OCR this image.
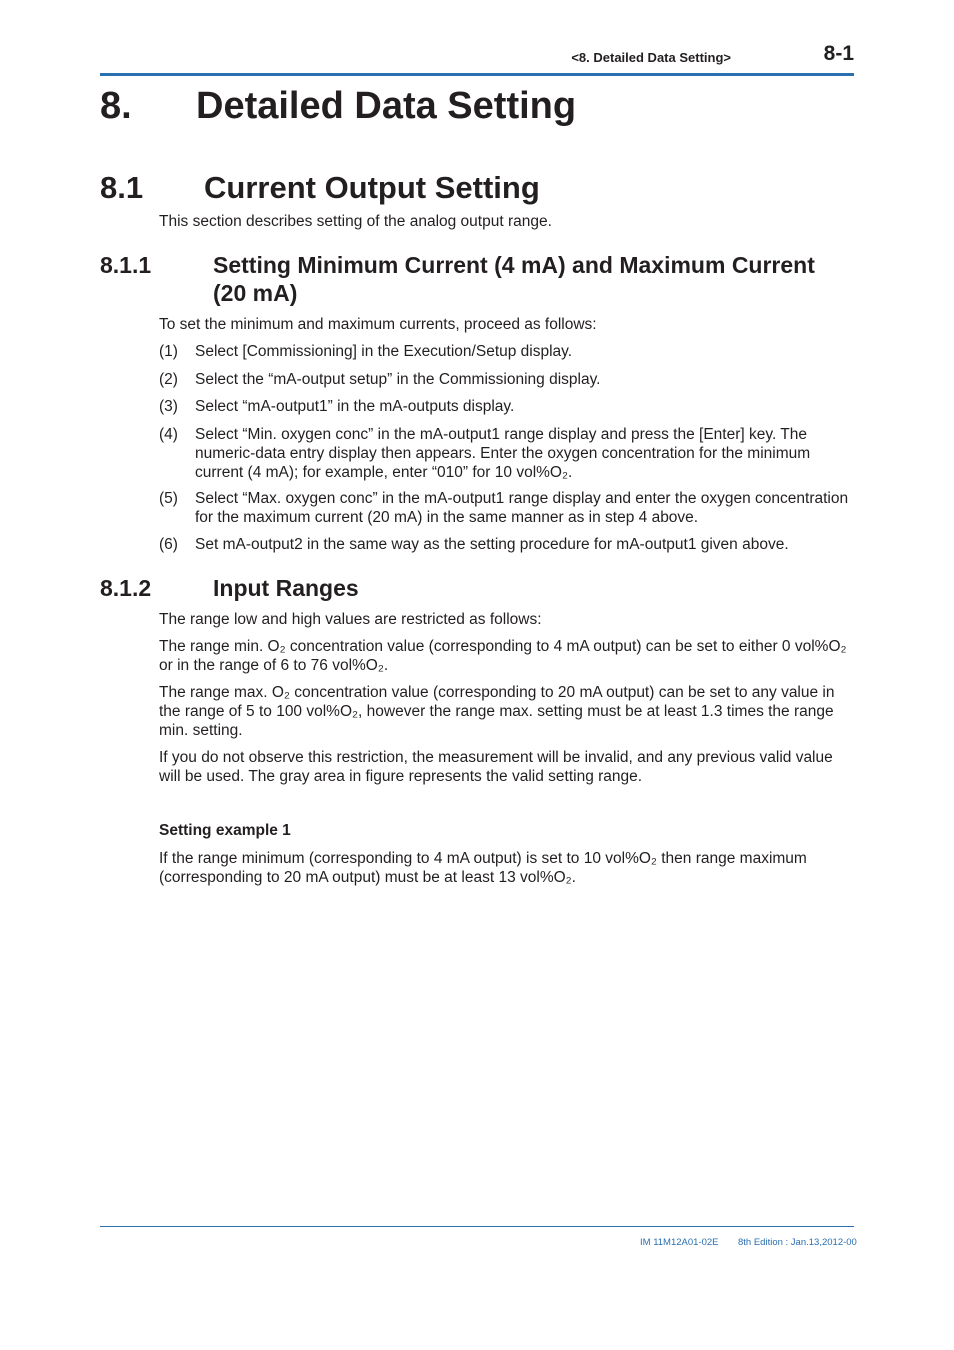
<8. Detailed Data Setting>	8-1
8. Detailed Data Setting
8.1 Current Output Setting

This section describes setting of the analog output range.

8.1.1	Setting Minimum Current (4 mA) and Maximum Current (20 mA)

To set the minimum and maximum currents, proceed as follows:

(1) Select [Commissioning] in the Execution/Setup display.
(2) Select the “mA-output setup” in the Commissioning display.
(3) Select “mA-output1” in the mA-outputs display.
(4) Select “Min. oxygen conc” in the mA-output1 range display and press the [Enter] key. The numeric-data entry display then appears. Enter the oxygen concentration for the minimum current (4 mA); for example, enter “010” for 10 vol%O₂.
(5) Select “Max. oxygen conc” in the mA-output1 range display and enter the oxygen concentration for the maximum current (20 mA) in the same manner as in step 4 above.
(6) Set mA-output2 in the same way as the setting procedure for mA-output1 given above.
8.1.2	Input Ranges

The range low and high values are restricted as follows:

The range min. O₂ concentration value (corresponding to 4 mA output) can be set to either 0 vol%O₂ or in the range of 6 to 76 vol%O₂.

The range max. O₂ concentration value (corresponding to 20 mA output) can be set to any value in the range of 5 to 100 vol%O₂, however the range max. setting must be at least 1.3 times the range min. setting.

If you do not observe this restriction, the measurement will be invalid, and any previous valid value will be used. The gray area in figure represents the valid setting range.

Setting example 1

If the range minimum (corresponding to 4 mA output) is set to 10 vol%O₂ then range maximum (corresponding to 20 mA output) must be at least 13 vol%O₂.

IM 11M12A01-02E 8th Edition : Jan.13,2012-00
